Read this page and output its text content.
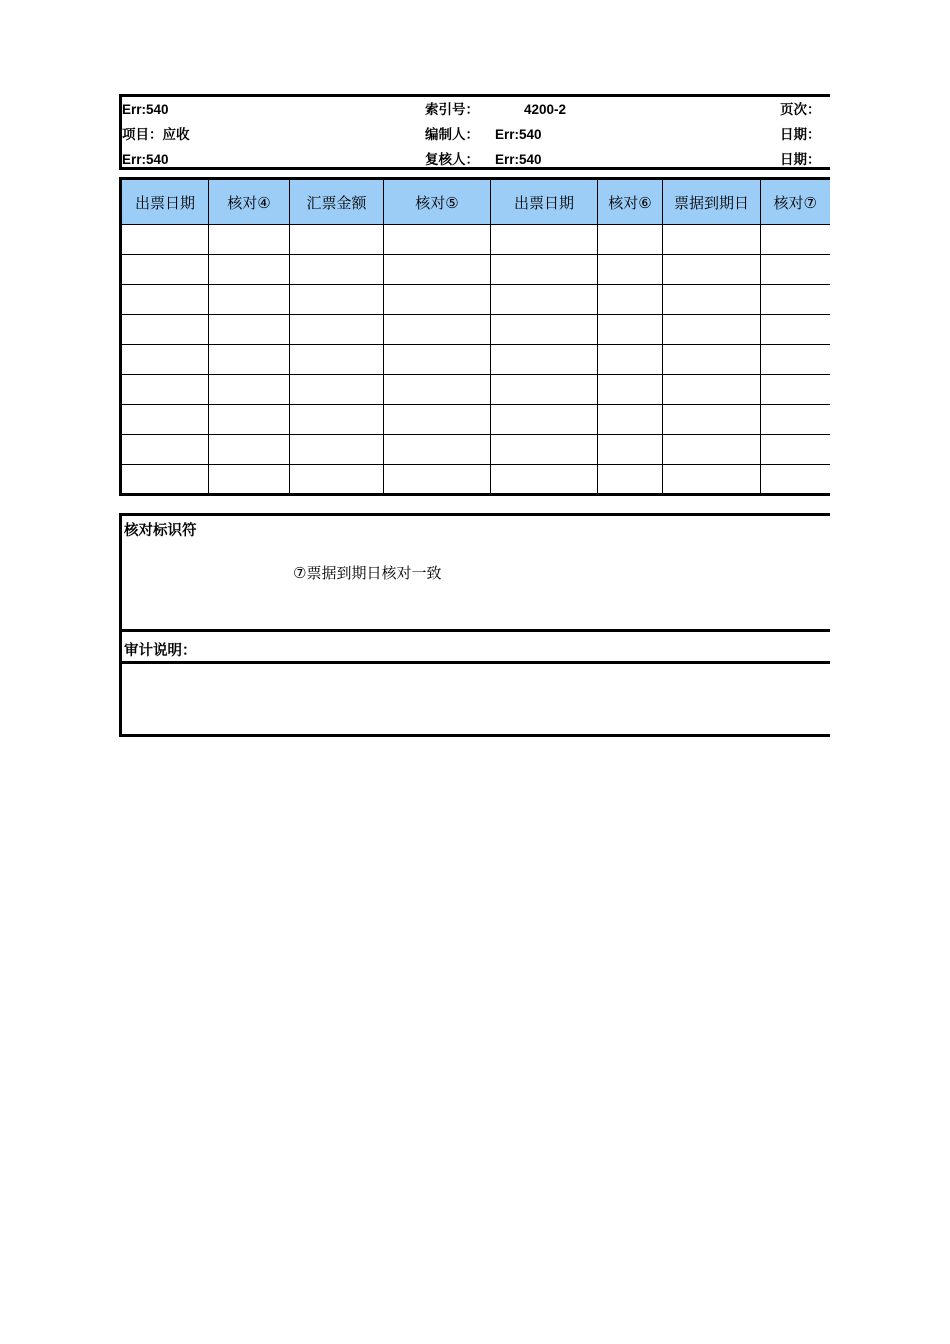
Err:540	索引号：	4200-2	页次：
项目：应收	编制人： Err:540	日期：
Err:540	复核人： Err:540	日期：
出票日期	核对④	汇票金额	核对⑤	出票日期	核对⑥	票据到期日	核对⑦

核对标识符
⑦票据到期日核对一致
审计说明：
